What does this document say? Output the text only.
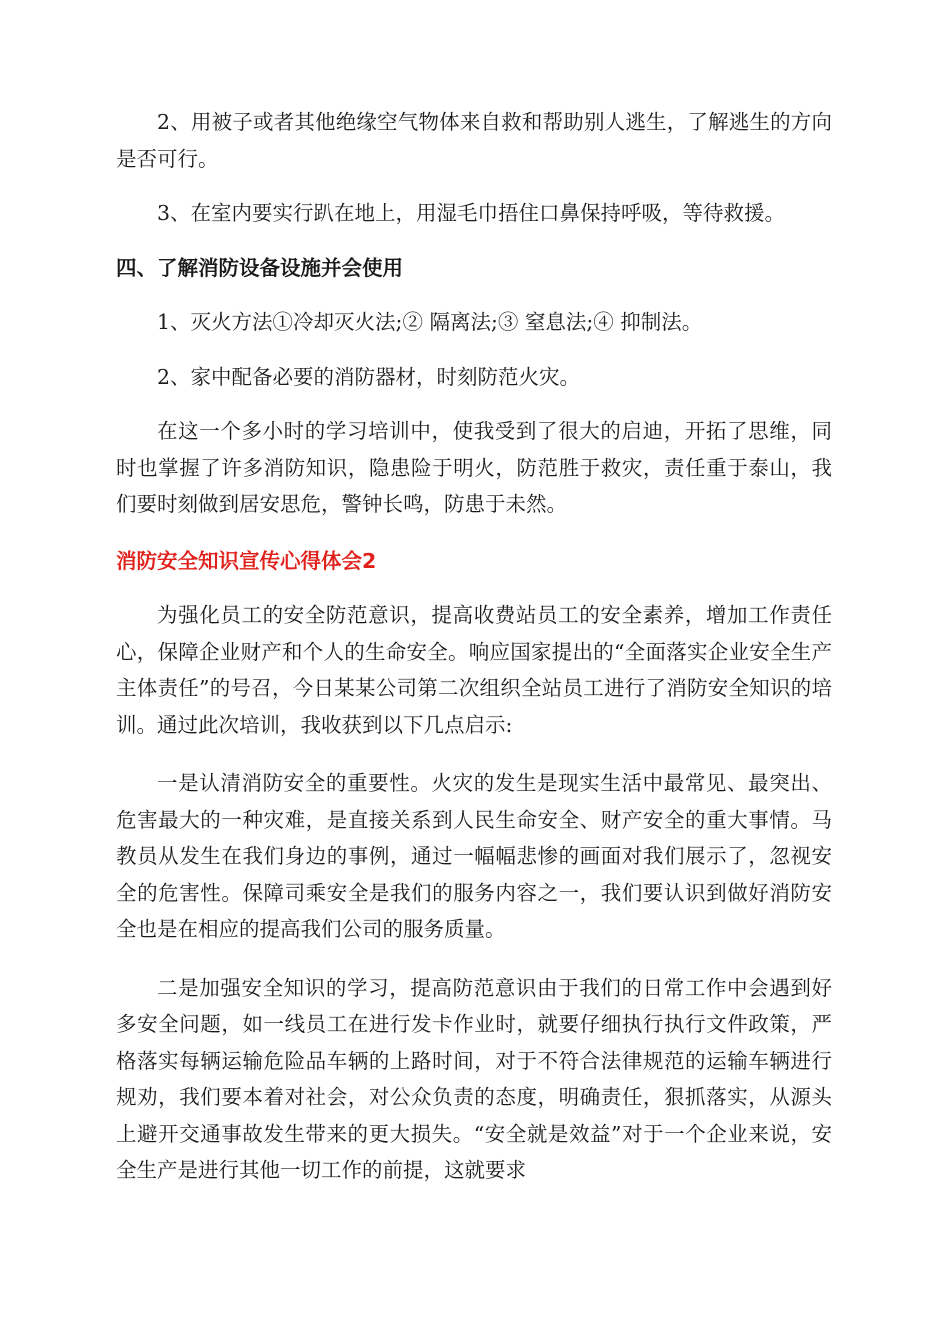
2、用被子或者其他绝缘空气物体来自救和帮助别人逃生，了解逃生的方向是否可行。

3、在室内要实行趴在地上，用湿毛巾捂住口鼻保持呼吸，等待救援。

四、了解消防设备设施并会使用

1、灭火方法①冷却灭火法;② 隔离法;③ 窒息法;④ 抑制法。

2、家中配备必要的消防器材，时刻防范火灾。

在这一个多小时的学习培训中，使我受到了很大的启迪，开拓了思维，同时也掌握了许多消防知识，隐患险于明火，防范胜于救灾，责任重于泰山，我们要时刻做到居安思危，警钟长鸣，防患于未然。

消防安全知识宣传心得体会2

为强化员工的安全防范意识，提高收费站员工的安全素养，增加工作责任心，保障企业财产和个人的生命安全。响应国家提出的“全面落实企业安全生产主体责任”的号召，今日某某公司第二次组织全站员工进行了消防安全知识的培训。通过此次培训，我收获到以下几点启示:

一是认清消防安全的重要性。火灾的发生是现实生活中最常见、最突出、危害最大的一种灾难，是直接关系到人民生命安全、财产安全的重大事情。马教员从发生在我们身边的事例，通过一幅幅悲惨的画面对我们展示了，忽视安全的危害性。保障司乘安全是我们的服务内容之一，我们要认识到做好消防安全也是在相应的提高我们公司的服务质量。

二是加强安全知识的学习，提高防范意识由于我们的日常工作中会遇到好多安全问题，如一线员工在进行发卡作业时，就要仔细执行执行文件政策，严格落实每辆运输危险品车辆的上路时间，对于不符合法律规范的运输车辆进行规劝，我们要本着对社会，对公众负责的态度，明确责任，狠抓落实，从源头上避开交通事故发生带来的更大损失。“安全就是效益”对于一个企业来说，安全生产是进行其他一切工作的前提，这就要求
